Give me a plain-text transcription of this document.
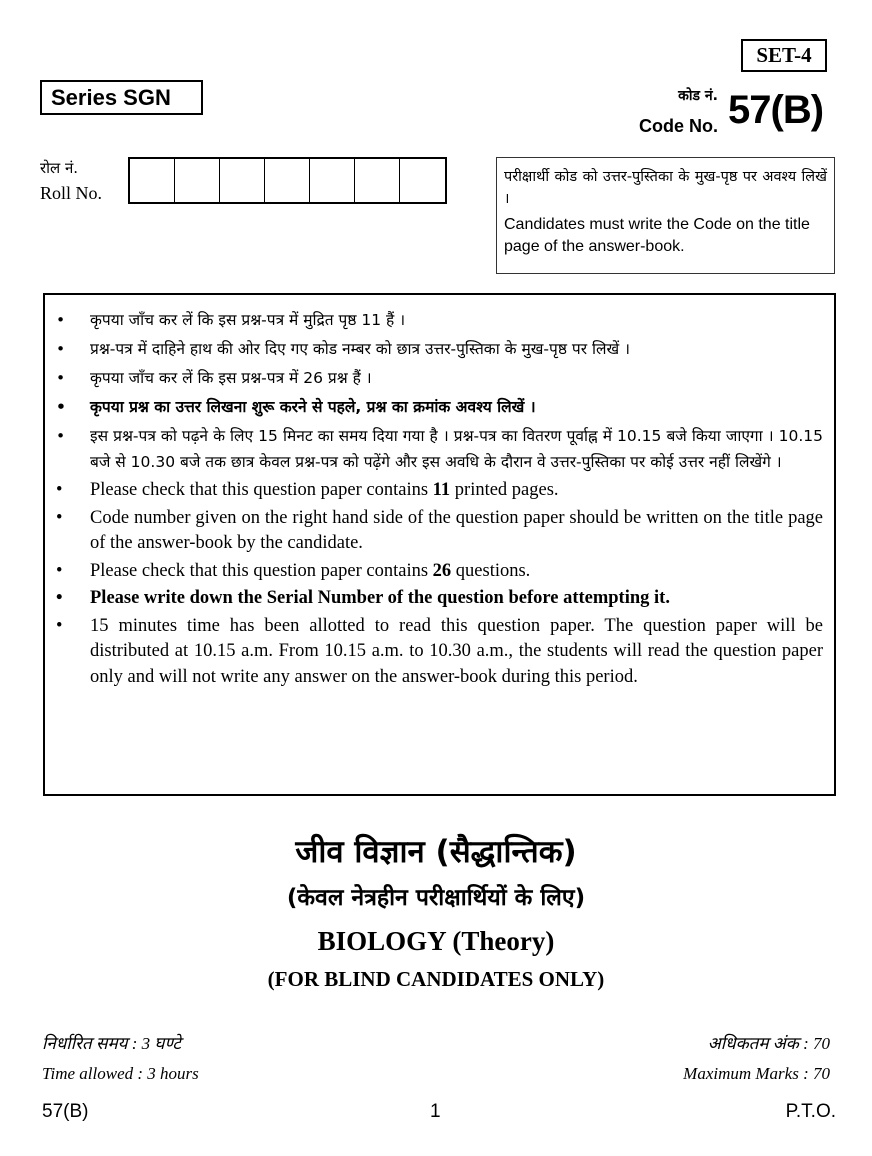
SET-4
Series SGN	कोड नं.
Code No. 57(B)
रोल नं.
Roll No.
परीक्षार्थी कोड को उत्तर-पुस्तिका के मुख-पृष्ठ पर अवश्य लिखें ।
Candidates must write the Code on the title page of the answer-book.
• कृपया जाँच कर लें कि इस प्रश्न-पत्र में मुद्रित पृष्ठ 11 हैं ।
• प्रश्न-पत्र में दाहिने हाथ की ओर दिए गए कोड नम्बर को छात्र उत्तर-पुस्तिका के मुख-पृष्ठ पर लिखें ।
• कृपया जाँच कर लें कि इस प्रश्न-पत्र में 26 प्रश्न हैं ।
• कृपया प्रश्न का उत्तर लिखना शुरू करने से पहले, प्रश्न का क्रमांक अवश्य लिखें ।
• इस प्रश्न-पत्र को पढ़ने के लिए 15 मिनट का समय दिया गया है । प्रश्न-पत्र का वितरण पूर्वाह्न में 10.15 बजे किया जाएगा । 10.15 बजे से 10.30 बजे तक छात्र केवल प्रश्न-पत्र को पढ़ेंगे और इस अवधि के दौरान वे उत्तर-पुस्तिका पर कोई उत्तर नहीं लिखेंगे ।
• Please check that this question paper contains 11 printed pages.
• Code number given on the right hand side of the question paper should be written on the title page of the answer-book by the candidate.
• Please check that this question paper contains 26 questions.
• Please write down the Serial Number of the question before attempting it.
• 15 minutes time has been allotted to read this question paper. The question paper will be distributed at 10.15 a.m. From 10.15 a.m. to 10.30 a.m., the students will read the question paper only and will not write any answer on the answer-book during this period.
जीव विज्ञान (सैद्धान्तिक)
(केवल नेत्रहीन परीक्षार्थियों के लिए)
BIOLOGY (Theory)
(FOR BLIND CANDIDATES ONLY)
निर्धारित समय : 3 घण्टे
Time allowed : 3 hours
अधिकतम अंक : 70
Maximum Marks : 70
57(B)	1	P.T.O.
